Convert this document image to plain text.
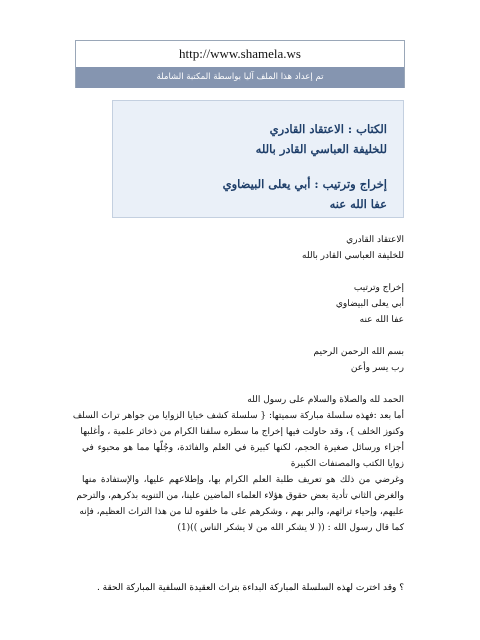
http://www.shamela.ws
تم إعداد هذا الملف آليا بواسطة المكتبة الشاملة
الكتاب : الاعتقاد القادري
للخليفة العباسي القادر بالله
إخراج وترتيب : أبي يعلى البيضاوي
عفا الله عنه

الاعتقاد القادري

للخليفة العباسي القادر بالله

إخراج وترتيب

أبي يعلى البيضاوي

عفا الله عنه

بسم الله الرحمن الرحيم

رب يسر وأعن

الحمد لله والصلاة والسلام على رسول الله

أما بعد :فهذه سلسلة مباركة سميتها: { سلسلة كشف خبايا الزوايا من جواهر تراث السلف

وكنوز الخلف }، وقد حاولت فيها إخراج ما سطره سلفنا الكرام من ذخائر علمية ، وأغلبها

أجزاء ورسائل صغيرة الحجم، لكنها كبيرة في العلم والفائدة، وجُلّها مما هو محبوء في

زوايا الكتب والمصنفات الكبيرة

وغرضي من ذلك هو تعريف طلبة العلم الكرام بها، وإطلاعهم عليها، والإستفادة منها

والغرض الثاني تأدية بعض حقوق هؤلاء العلماء الماضين علينا، من التنويه بذكرهم، والترحم

عليهم، وإحياء تراثهم، والبر بهم ، وشكرهم على ما خلفوه لنا من هذا التراث العظيم، فإنه

كما قال رسول الله : (( لا يشكر الله من لا يشكر الناس ))(1)

؟ وقد اخترت لهذه السلسلة المباركة البداءة بتراث العقيدة السلفية المباركة الحقة .
